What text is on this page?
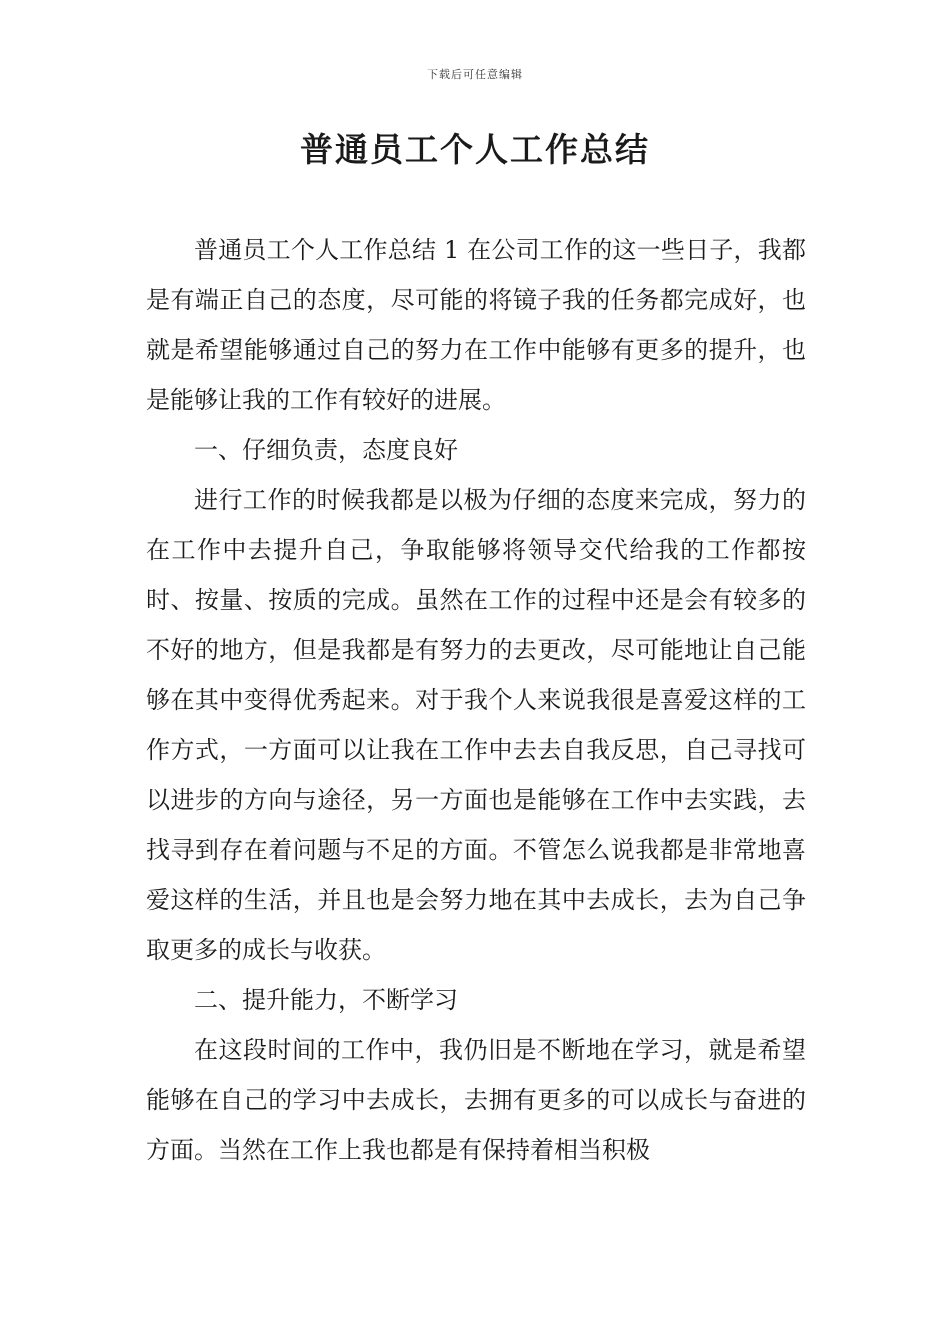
下载后可任意编辑
普通员工个人工作总结

普通员工个人工作总结 1 在公司工作的这一些日子，我都是有端正自己的态度，尽可能的将镜子我的任务都完成好，也就是希望能够通过自己的努力在工作中能够有更多的提升，也是能够让我的工作有较好的进展。

一、仔细负责，态度良好

进行工作的时候我都是以极为仔细的态度来完成，努力的在工作中去提升自己，争取能够将领导交代给我的工作都按时、按量、按质的完成。虽然在工作的过程中还是会有较多的不好的地方，但是我都是有努力的去更改，尽可能地让自己能够在其中变得优秀起来。对于我个人来说我很是喜爱这样的工作方式，一方面可以让我在工作中去去自我反思，自己寻找可以进步的方向与途径，另一方面也是能够在工作中去实践，去找寻到存在着问题与不足的方面。不管怎么说我都是非常地喜爱这样的生活，并且也是会努力地在其中去成长，去为自己争取更多的成长与收获。

二、提升能力，不断学习

在这段时间的工作中，我仍旧是不断地在学习，就是希望能够在自己的学习中去成长，去拥有更多的可以成长与奋进的方面。当然在工作上我也都是有保持着相当积极
